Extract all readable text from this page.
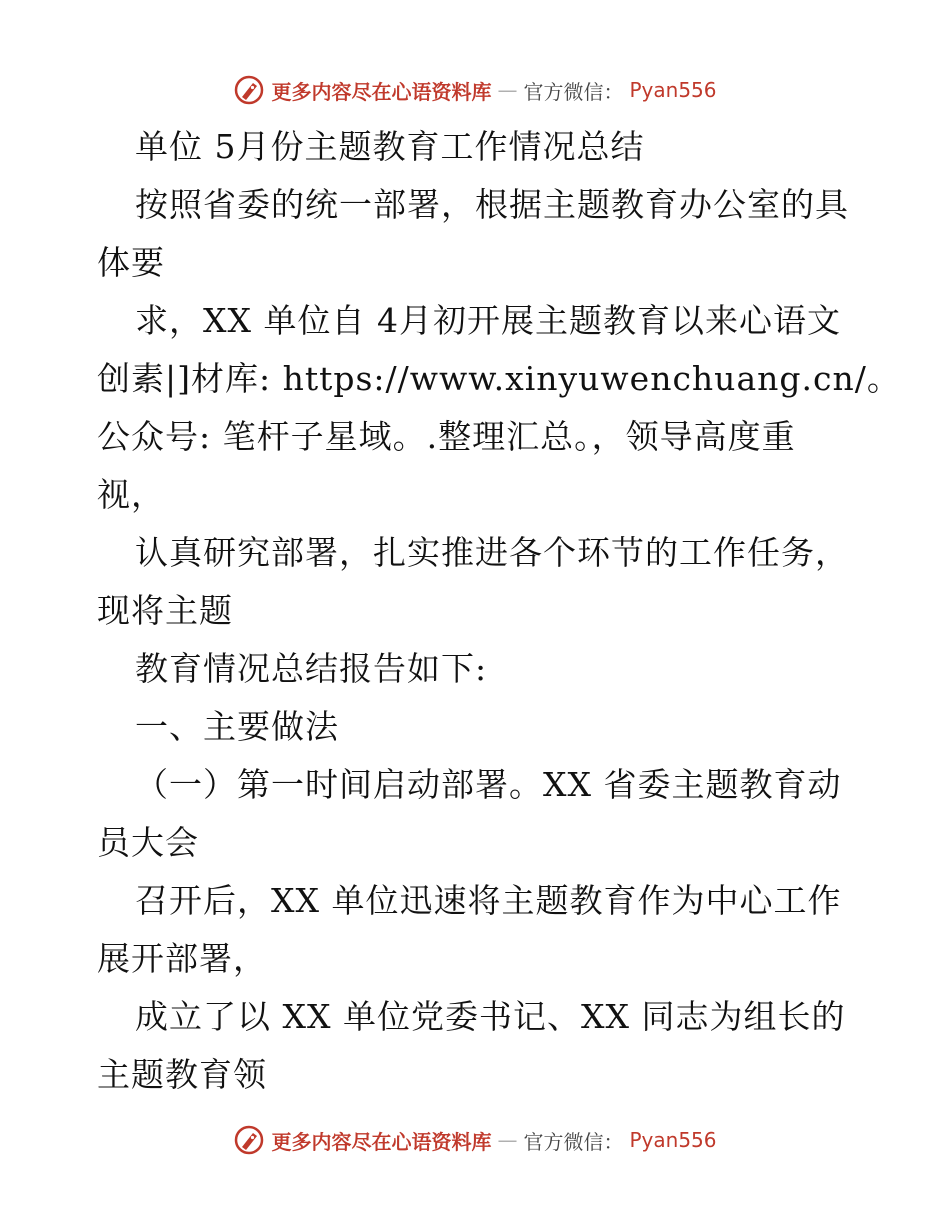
更多内容尽在心语资料库 — 官方微信： Pyan556
单位 5月份主题教育工作情况总结
按照省委的统一部署，根据主题教育办公室的具
体要
求，XX 单位自 4月初开展主题教育以来心语文
创素|]材库: https://www.xinyuwenchuang.cn/。
公众号: 笔杆子星域。.整理汇总。，领导高度重
视，
认真研究部署，扎实推进各个环节的工作任务，
现将主题
教育情况总结报告如下:
一、主要做法
（一）第一时间启动部署。XX 省委主题教育动
员大会
召开后，XX 单位迅速将主题教育作为中心工作
展开部署，
成立了以 XX 单位党委书记、XX 同志为组长的
主题教育领
更多内容尽在心语资料库 — 官方微信： Pyan556
